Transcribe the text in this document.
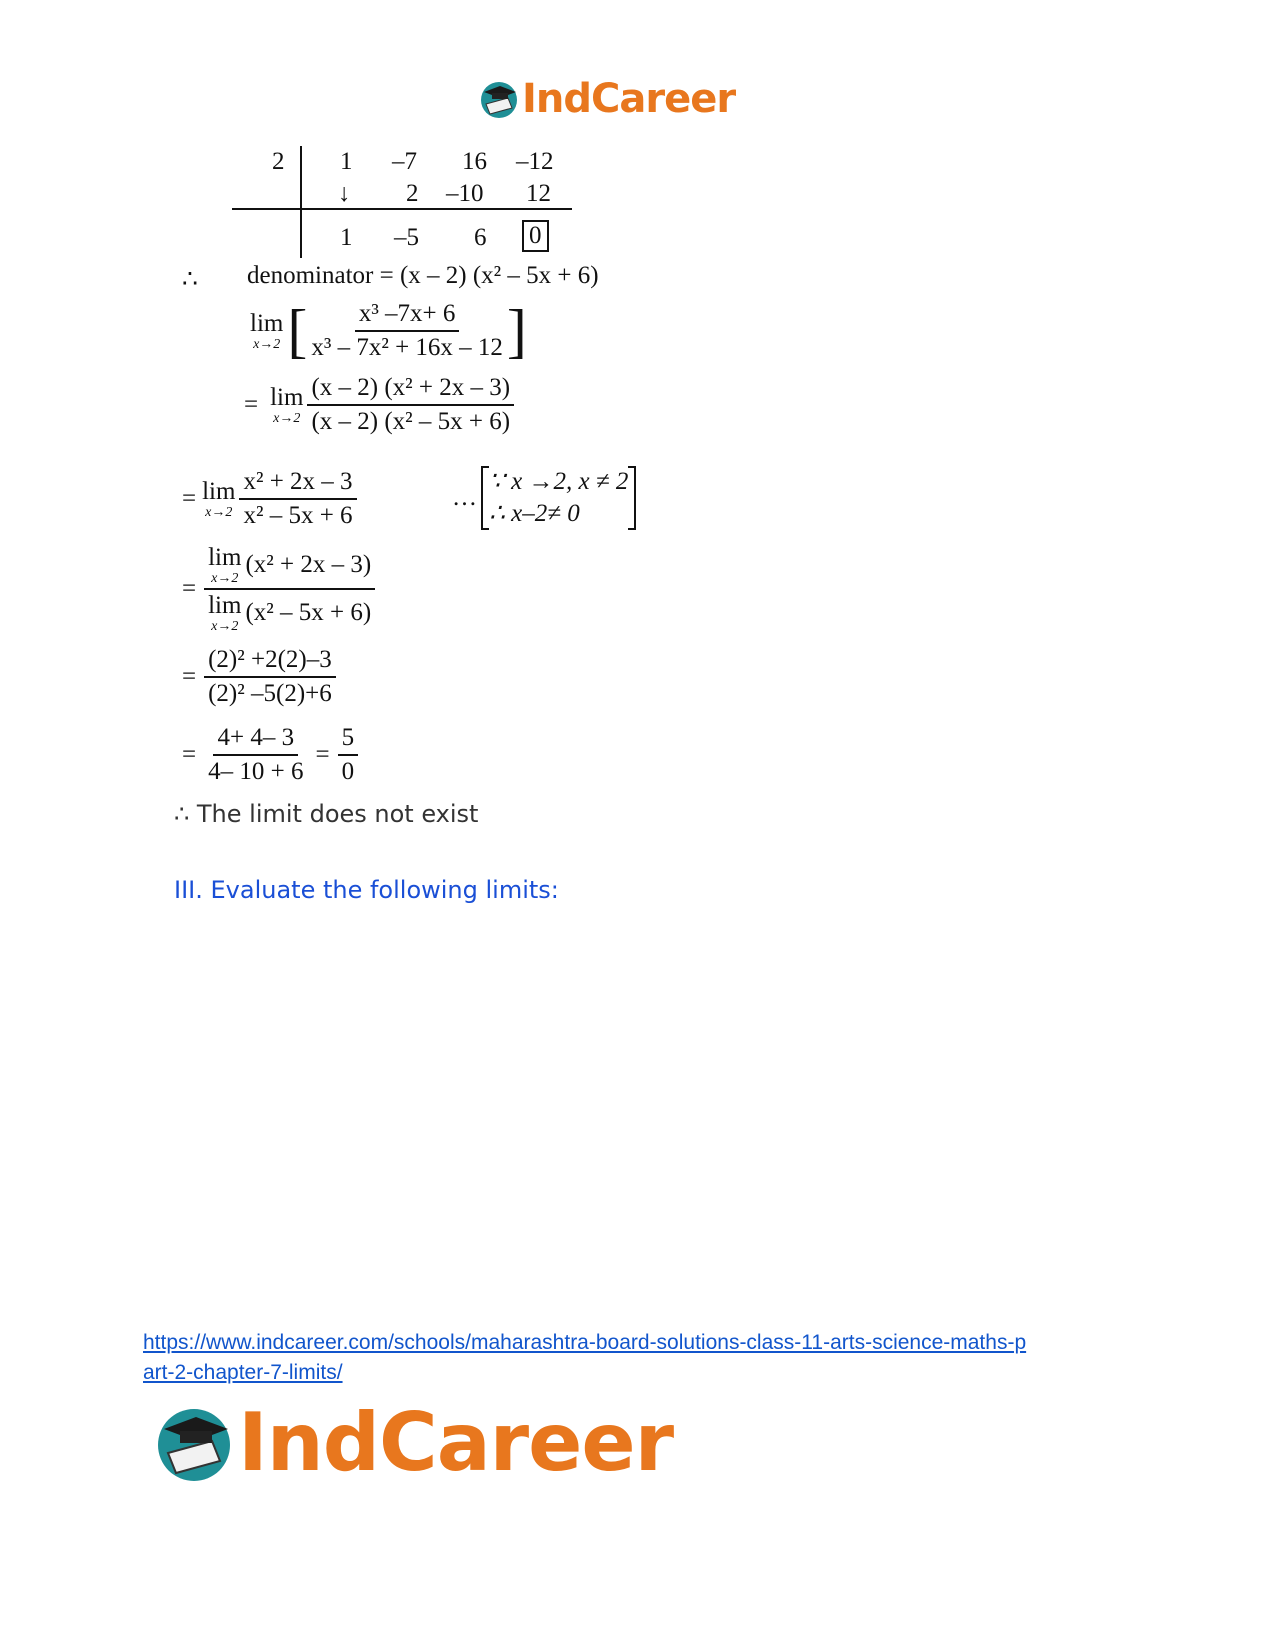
IndCareer
2 1 –7 16 –12
↓ 2 –10 12
1 –5 6 0
∴ denominator = (x – 2) (x² – 5x + 6)
lim
x→2 [ $\frac{\text{x³ –7x+ 6}}{\text{x³ – 7x² + 16x – 12}}$ ]
= lim
$x\to 2 \frac{\text{(x – 2) (x² + 2x – 3)}}{\text{(x – 2) (x² – 5x + 6)}}$
= lim
$x\to 2 \frac{\text{x² + 2x – 3}}{\text{x² – 5x + 6}}$	…
∵ x →2, x ≠ 2
∴ x–2≠ 0
= lim
x→2
(x² + 2x – 3)
lim
x→2
(x² – 5x + 6)
= $\frac{\text{(2)² +2(2)–3}}{\text{(2)² –5(2)+6}}$
= $\frac{4+ 4- 3}{4- 10 + 6} = \frac{5}{0}$
∴ The limit does not exist
III. Evaluate the following limits:
https://www.indcareer.com/schools/maharashtra-board-solutions-class-11-arts-science-maths-p
art-2-chapter-7-limits/
IndCareer
